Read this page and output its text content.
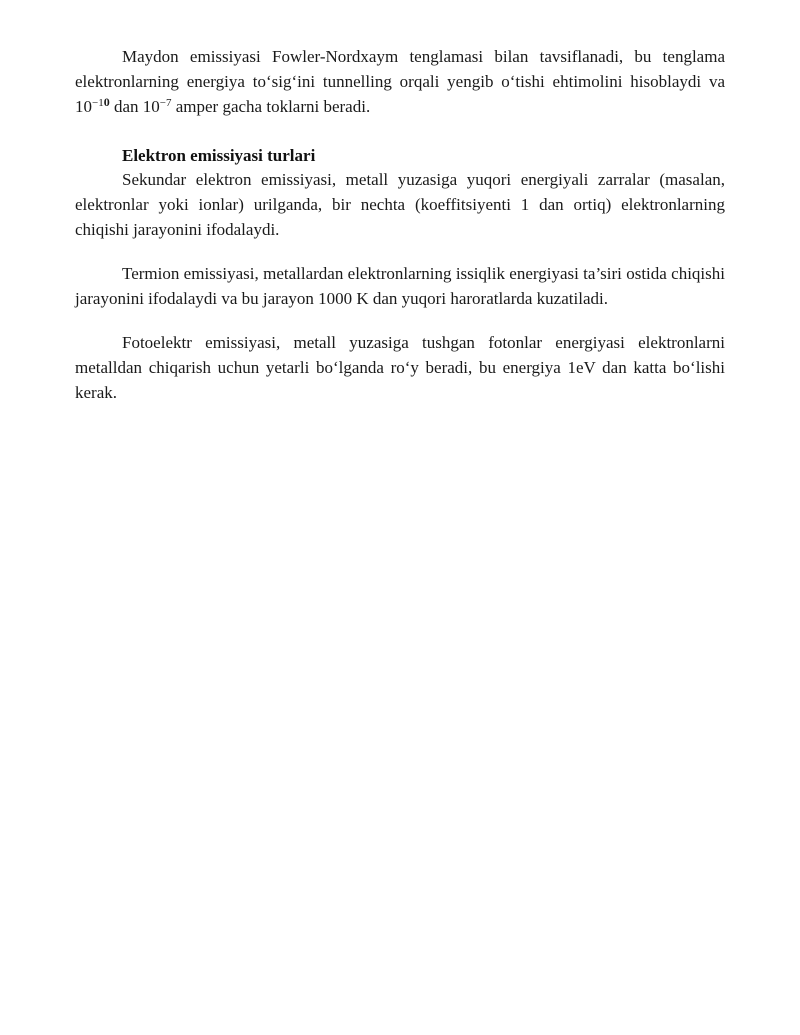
Maydon emissiyasi Fowler-Nordxaym tenglamasi bilan tavsiflanadi, bu tenglama elektronlarning energiya to‘sig‘ini tunnelling orqali yengib o‘tishi ehtimolini hisoblaydi va $10^{-10}$ dan $10^{-7}$ amper gacha toklarni beradi.

Elektron emissiyasi turlari

Sekundar elektron emissiyasi, metall yuzasiga yuqori energiyali zarralar (masalan, elektronlar yoki ionlar) urilganda, bir nechta (koeffitsiyenti 1 dan ortiq) elektronlarning chiqishi jarayonini ifodalaydi.

Termion emissiyasi, metallardan elektronlarning issiqlik energiyasi ta’siri ostida chiqishi jarayonini ifodalaydi va bu jarayon 1000 K dan yuqori haroratlarda kuzatiladi.

Fotoelektr emissiyasi, metall yuzasiga tushgan fotonlar energiyasi elektronlarni metalldan chiqarish uchun yetarli bo‘lganda ro‘y beradi, bu energiya 1eV dan katta bo‘lishi kerak.
